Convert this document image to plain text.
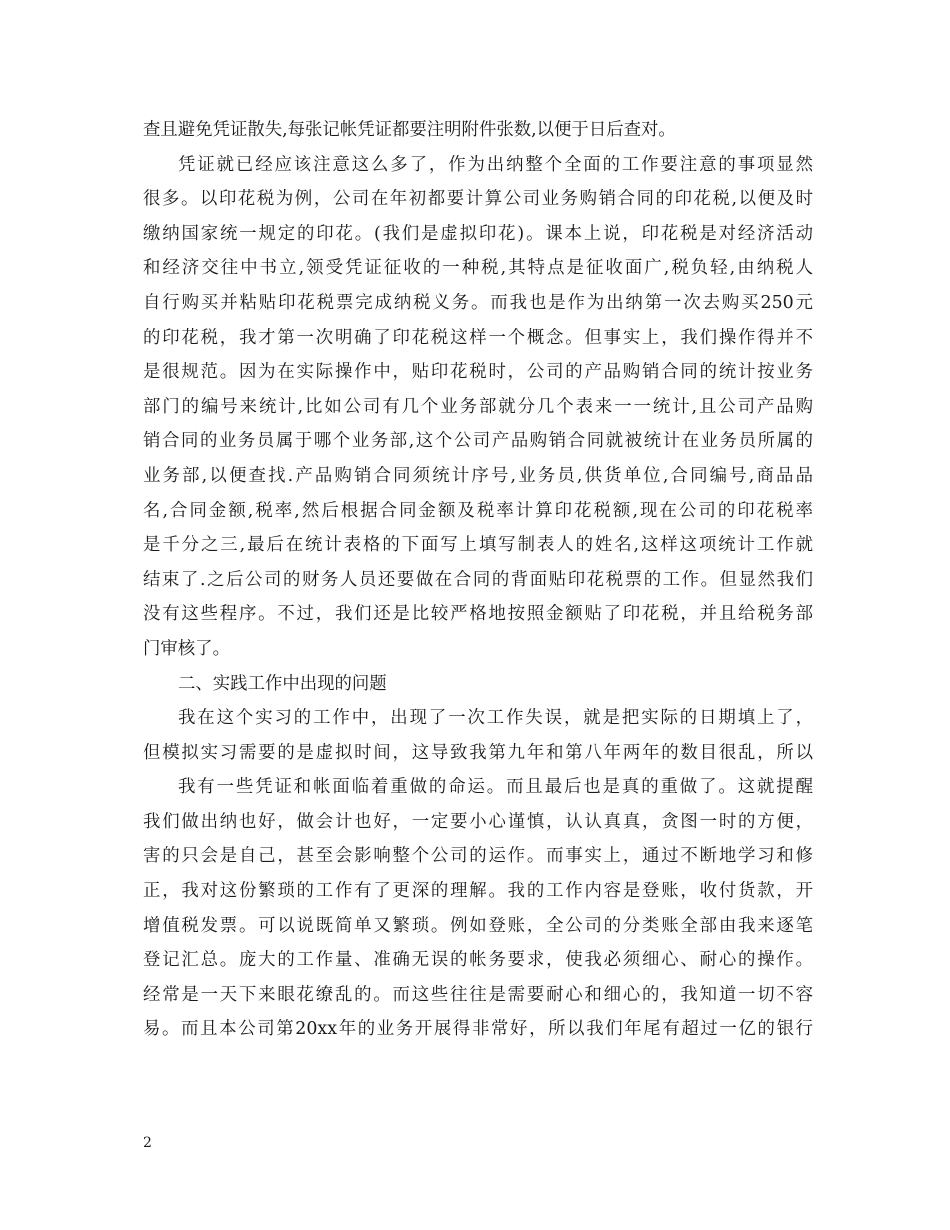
查且避免凭证散失,每张记帐凭证都要注明附件张数,以便于日后查对。
凭证就已经应该注意这么多了，作为出纳整个全面的工作要注意的事项显然
很多。以印花税为例，公司在年初都要计算公司业务购销合同的印花税,以便及时
缴纳国家统一规定的印花。(我们是虚拟印花)。课本上说，印花税是对经济活动
和经济交往中书立,领受凭证征收的一种税,其特点是征收面广,税负轻,由纳税人
自行购买并粘贴印花税票完成纳税义务。而我也是作为出纳第一次去购买250元
的印花税，我才第一次明确了印花税这样一个概念。但事实上，我们操作得并不
是很规范。因为在实际操作中，贴印花税时，公司的产品购销合同的统计按业务
部门的编号来统计,比如公司有几个业务部就分几个表来一一统计,且公司产品购
销合同的业务员属于哪个业务部,这个公司产品购销合同就被统计在业务员所属的
业务部,以便查找.产品购销合同须统计序号,业务员,供货单位,合同编号,商品品
名,合同金额,税率,然后根据合同金额及税率计算印花税额,现在公司的印花税率
是千分之三,最后在统计表格的下面写上填写制表人的姓名,这样这项统计工作就
结束了.之后公司的财务人员还要做在合同的背面贴印花税票的工作。但显然我们
没有这些程序。不过，我们还是比较严格地按照金额贴了印花税，并且给税务部
门审核了。
二、实践工作中出现的问题
我在这个实习的工作中，出现了一次工作失误，就是把实际的日期填上了，
但模拟实习需要的是虚拟时间，这导致我第九年和第八年两年的数目很乱，所以
我有一些凭证和帐面临着重做的命运。而且最后也是真的重做了。这就提醒
我们做出纳也好，做会计也好，一定要小心谨慎，认认真真，贪图一时的方便，
害的只会是自己，甚至会影响整个公司的运作。而事实上，通过不断地学习和修
正，我对这份繁琐的工作有了更深的理解。我的工作内容是登账，收付货款，开
增值税发票。可以说既简单又繁琐。例如登账，全公司的分类账全部由我来逐笔
登记汇总。庞大的工作量、准确无误的帐务要求，使我必须细心、耐心的操作。
经常是一天下来眼花缭乱的。而这些往往是需要耐心和细心的，我知道一切不容
易。而且本公司第20xx年的业务开展得非常好，所以我们年尾有超过一亿的银行
2
